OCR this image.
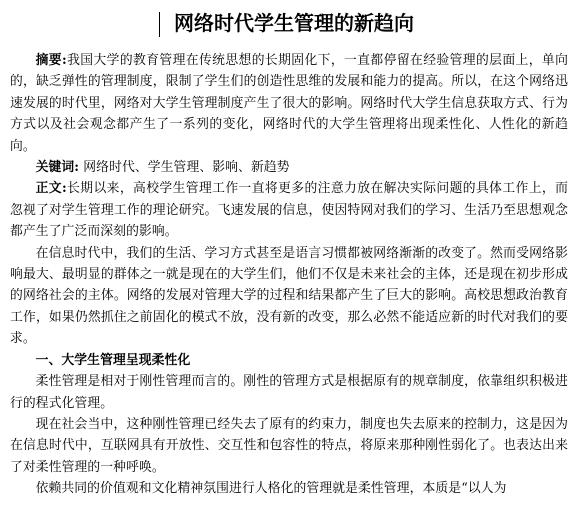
网络时代学生管理的新趋向

摘要:我国大学的教育管理在传统思想的长期固化下，一直都停留在经验管理的层面上，单向的，缺乏弹性的管理制度，限制了学生们的创造性思维的发展和能力的提高。所以，在这个网络迅速发展的时代里，网络对大学生管理制度产生了很大的影响。网络时代大学生信息获取方式、行为方式以及社会观念都产生了一系列的变化，网络时代的大学生管理将出现柔性化、人性化的新趋向。

关键词: 网络时代、学生管理、影响、新趋势

正文:长期以来，高校学生管理工作一直将更多的注意力放在解决实际问题的具体工作上，而忽视了对学生管理工作的理论研究。飞速发展的信息，使因特网对我们的学习、生活乃至思想观念都产生了广泛而深刻的影响。

在信息时代中，我们的生活、学习方式甚至是语言习惯都被网络渐渐的改变了。然而受网络影响最大、最明显的群体之一就是现在的大学生们，他们不仅是未来社会的主体，还是现在初步形成的网络社会的主体。网络的发展对管理大学的过程和结果都产生了巨大的影响。高校思想政治教育工作，如果仍然抓住之前固化的模式不放，没有新的改变，那么必然不能适应新的时代对我们的要求。

一、大学生管理呈现柔性化

柔性管理是相对于刚性管理而言的。刚性的管理方式是根据原有的规章制度，依靠组织积极进行的程式化管理。

现在社会当中，这种刚性管理已经失去了原有的约束力，制度也失去原来的控制力，这是因为在信息时代中，互联网具有开放性、交互性和包容性的特点，将原来那种刚性弱化了。也表达出来了对柔性管理的一种呼唤。

依赖共同的价值观和文化精神氛围进行人格化的管理就是柔性管理，本质是“以人为
